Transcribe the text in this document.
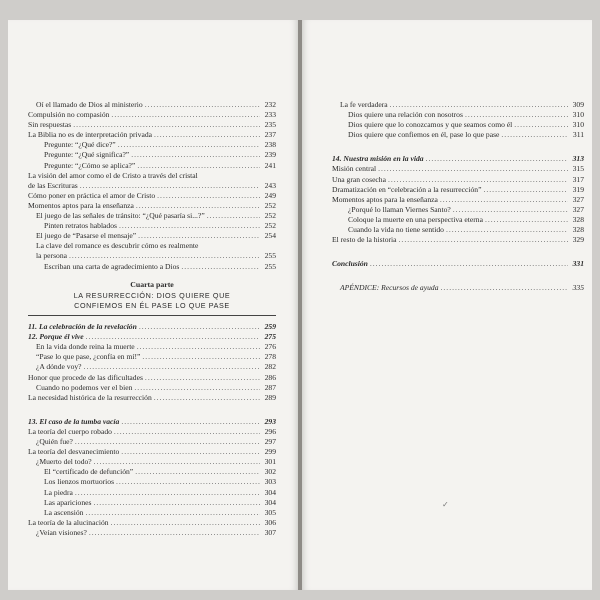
Oí el llamado de Dios al ministerio .....	232
Compulsión no compasión .....	233
Sin respuestas .....	235
La Biblia no es de interpretación privada .....	237
Pregunte: “¿Qué dice?” .....	238
Pregunte: “¿Qué significa?” .....	239
Pregunte: “¿Cómo se aplica?” .....	241
La visión del amor como el de Cristo a través del cristal
de las Escrituras .....	243
Cómo poner en práctica el amor de Cristo .....	249
Momentos aptos para la enseñanza .....	252
El juego de las señales de tránsito: “¿Qué pasaría si...?” .....	252
Pinten retratos hablados .....	252
El juego de “Pasarse el mensaje” .....	254
La clave del romance es descubrir cómo es realmente
la persona .....	255
Escriban una carta de agradecimiento a Dios .....	255
Cuarta parte
LA RESURRECCIÓN: DIOS QUIERE QUE
CONFIEMOS EN ÉL PASE LO QUE PASE
11. La celebración de la revelación .....	259
12. Porque él vive .....	275
En la vida donde reina la muerte .....	276
“Pase lo que pase, ¿confía en mí!” .....	278
¿A dónde voy? .....	282
Honor que procede de las dificultades .....	286
Cuando no podemos ver el bien .....	287
La necesidad histórica de la resurrección .....	289
13. El caso de la tumba vacía .....	293
La teoría del cuerpo robado .....	296
¿Quién fue? .....	297
La teoría del desvanecimiento .....	299
¿Muerto del todo? .....	301
El “certificado de defunción” .....	302
Los lienzos mortuorios .....	303
La piedra .....	304
Las apariciones .....	304
La ascensión .....	305
La teoría de la alucinación .....	306
¿Veían visiones? .....	307
La fe verdadera .....	309
Dios quiere una relación con nosotros .....	310
Dios quiere que lo conozcamos y que seamos como él .....	310
Dios quiere que confiemos en él, pase lo que pase .....	311
14. Nuestra misión en la vida .....	313
Misión central .....	315
Una gran cosecha .....	317
Dramatización en “celebración a la resurrección” .....	319
Momentos aptos para la enseñanza .....	327
¿Porqué lo llaman Viernes Santo? .....	327
Coloque la muerte en una perspectiva eterna .....	328
Cuando la vida no tiene sentido .....	328
El resto de la historia .....	329
Conclusión .....	331
APÉNDICE: Recursos de ayuda .....	335
✓
